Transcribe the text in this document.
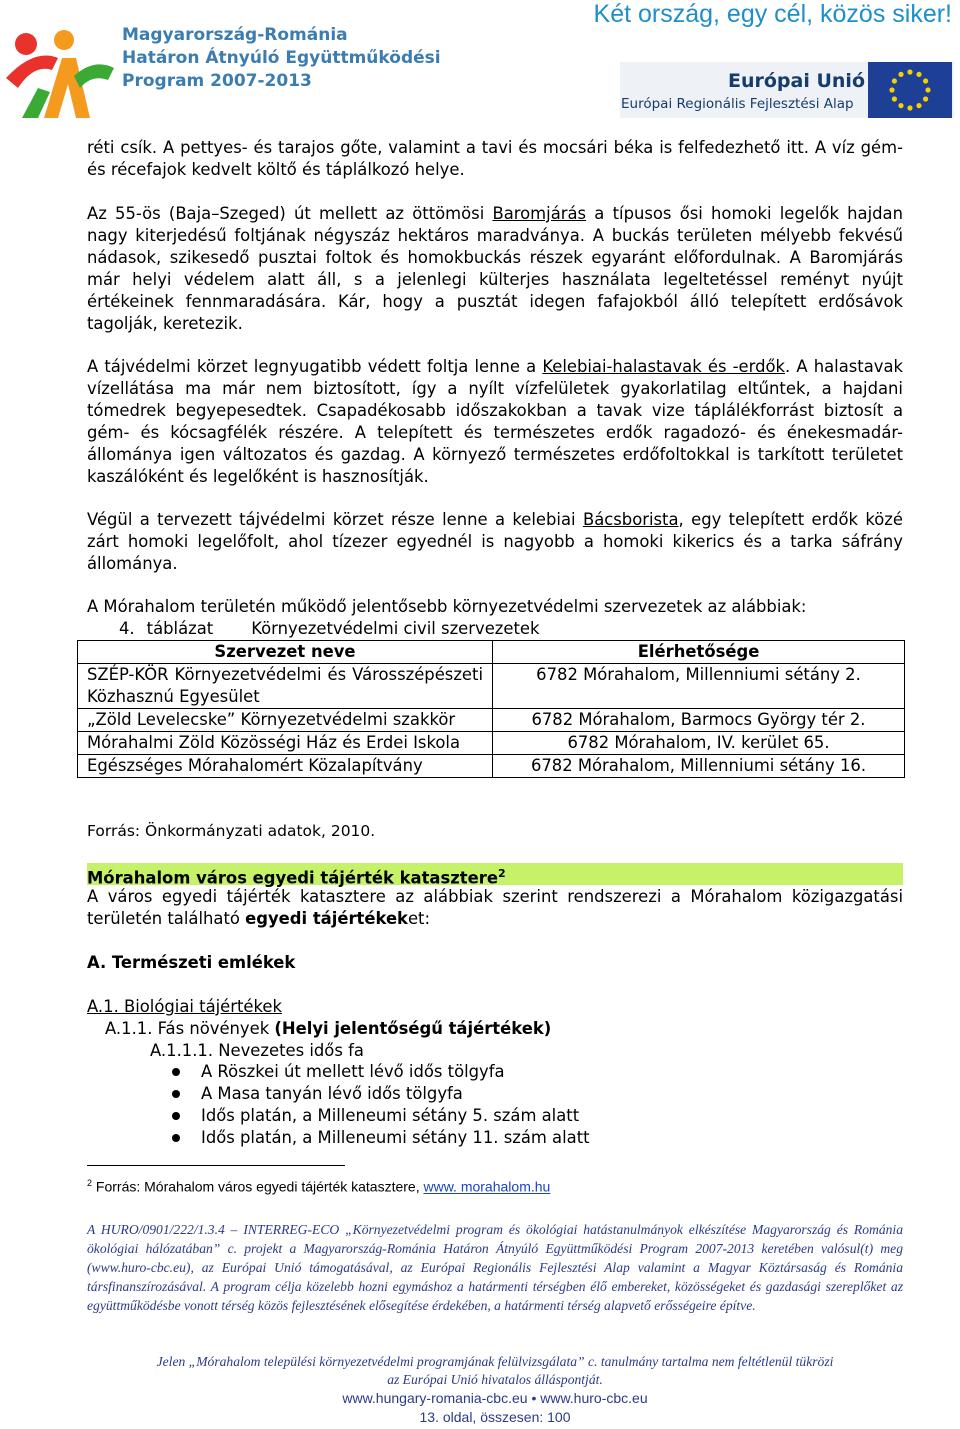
Két ország, egy cél, közös siker!
Magyarország-Románia
Határon Átnyúló Együttműködési
Program 2007-2013	Európai Unió
Európai Regionális Fejlesztési Alap
réti csík. A pettyes- és tarajos gőte, valamint a tavi és mocsári béka is felfedezhető itt. A víz gém- és récefajok kedvelt költő és táplálkozó helye.
Az 55-ös (Baja–Szeged) út mellett az öttömösi Baromjárás a típusos ősi homoki legelők hajdan nagy kiterjedésű foltjának négyszáz hektáros maradványa. A buckás területen mélyebb fekvésű nádasok, szikesedő pusztai foltok és homokbuckás részek egyaránt előfordulnak. A Baromjárás már helyi védelem alatt áll, s a jelenlegi külterjes használata legeltetéssel reményt nyújt értékeinek fennmaradására. Kár, hogy a pusztát idegen fafajokból álló telepített erdősávok tagolják, keretezik.
A tájvédelmi körzet legnyugatibb védett foltja lenne a Kelebiai-halastavak és -erdők. A halastavak vízellátása ma már nem biztosított, így a nyílt vízfelületek gyakorlatilag eltűntek, a hajdani tómedrek begyepesedtek. Csapadékosabb időszakokban a tavak vize táplálékforrást biztosít a gém- és kócsagfélék részére. A telepített és természetes erdők ragadozó- és énekesmadár-állománya igen változatos és gazdag. A környező természetes erdőfoltokkal is tarkított területet kaszálóként és legelőként is hasznosítják.
Végül a tervezett tájvédelmi körzet része lenne a kelebiai Bácsborista, egy telepített erdők közé zárt homoki legelőfolt, ahol tízezer egyednél is nagyobb a homoki kikerics és a tarka sáfrány állománya.
A Mórahalom területén működő jelentősebb környezetvédelmi szervezetek az alábbiak:
4. táblázat Környezetvédelmi civil szervezetek
Szervezet neve	Elérhetősége
SZÉP-KÖR Környezetvédelmi és Városszépészeti Közhasznú Egyesület	6782 Mórahalom, Millenniumi sétány 2.
„Zöld Levelecske” Környezetvédelmi szakkör	6782 Mórahalom, Barmocs György tér 2.
Mórahalmi Zöld Közösségi Ház és Erdei Iskola	6782 Mórahalom, IV. kerület 65.
Egészséges Mórahalomért Közalapítvány	6782 Mórahalom, Millenniumi sétány 16.
Forrás: Önkormányzati adatok, 2010.
Mórahalom város egyedi tájérték katasztere$^2$
A város egyedi tájérték katasztere az alábbiak szerint rendszerezi a Mórahalom közigazgatási területén található egyedi tájértékeket:
A. Természeti emlékek
A.1. Biológiai tájértékek
A.1.1. Fás növények (Helyi jelentőségű tájértékek)
A.1.1.1. Nevezetes idős fa
A Röszkei út mellett lévő idős tölgyfa
A Masa tanyán lévő idős tölgyfa
Idős platán, a Milleneumi sétány 5. szám alatt
Idős platán, a Milleneumi sétány 11. szám alatt
$^2$ Forrás: Mórahalom város egyedi tájérték katasztere, www. morahalom.hu
A HURO/0901/222/1.3.4 – INTERREG-ECO „Környezetvédelmi program és ökológiai hatástanulmányok elkészítése Magyarország és Románia ökológiai hálózatában” c. projekt a Magyarország-Románia Határon Átnyúló Együttműködési Program 2007-2013 keretében valósul(t) meg (www.huro-cbc.eu), az Európai Unió támogatásával, az Európai Regionális Fejlesztési Alap valamint a Magyar Köztársaság és Románia társfinanszírozásával. A program célja közelebb hozni egymáshoz a határmenti térségben élő embereket, közösségeket és gazdasági szereplőket az együttműködésbe vonott térség közös fejlesztésének elősegítése érdekében, a határmenti térség alapvető erősségeire építve.
Jelen „Mórahalom települési környezetvédelmi programjának felülvizsgálata” c. tanulmány tartalma nem feltétlenül tükrözi
az Európai Unió hivatalos álláspontját.
www.hungary-romania-cbc.eu • www.huro-cbc.eu
13. oldal, összesen: 100
